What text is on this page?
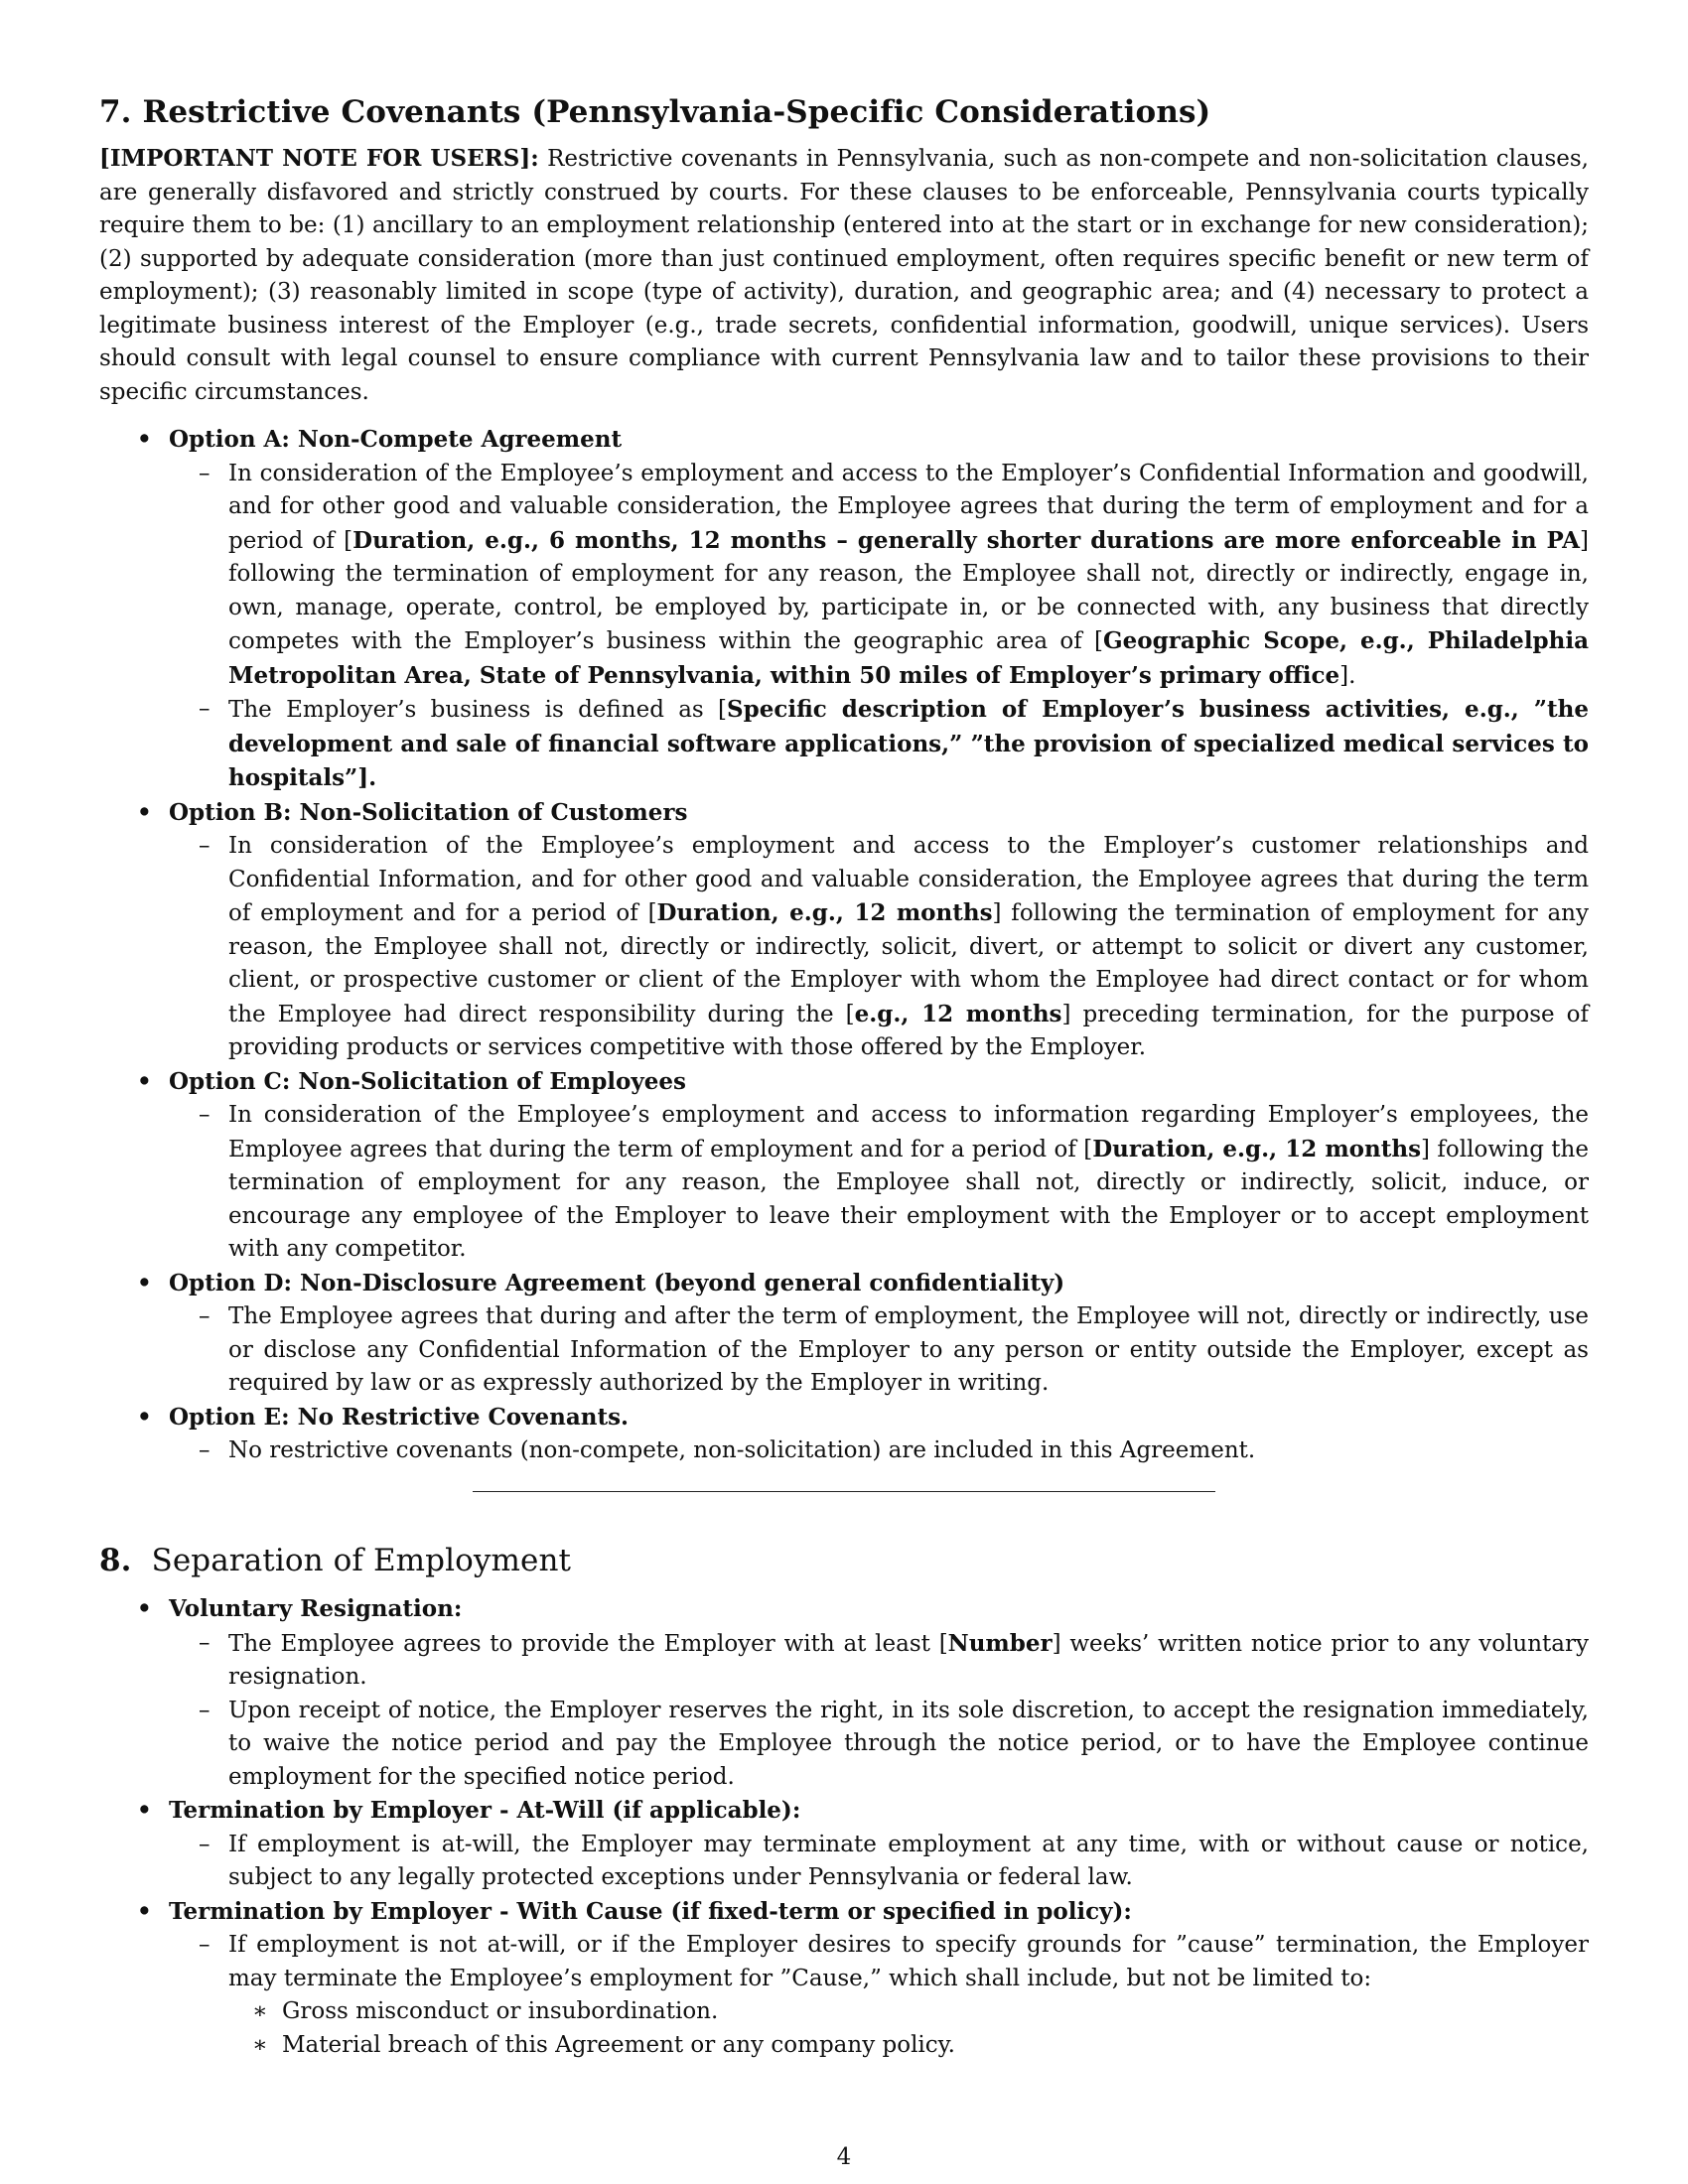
7. Restrictive Covenants (Pennsylvania-Specific Considerations)

[IMPORTANT NOTE FOR USERS]: Restrictive covenants in Pennsylvania, such as non-compete and non-solicitation clauses, are generally disfavored and strictly construed by courts. For these clauses to be enforceable, Pennsylvania courts typically require them to be: (1) ancillary to an employment relationship (entered into at the start or in exchange for new consideration); (2) supported by adequate consideration (more than just continued employment, often requires specific benefit or new term of employment); (3) reasonably limited in scope (type of activity), duration, and geographic area; and (4) necessary to protect a legitimate business interest of the Employer (e.g., trade secrets, confidential information, goodwill, unique services). Users should consult with legal counsel to ensure compliance with current Pennsylvania law and to tailor these provisions to their specific circumstances.

• Option A: Non-Compete Agreement
– In consideration of the Employee’s employment and access to the Employer’s Confidential Information and goodwill, and for other good and valuable consideration, the Employee agrees that during the term of employment and for a period of [Duration, e.g., 6 months, 12 months – generally shorter durations are more enforceable in PA] following the termination of employment for any reason, the Employee shall not, directly or indirectly, engage in, own, manage, operate, control, be employed by, participate in, or be connected with, any business that directly competes with the Employer’s business within the geographic area of [Geographic Scope, e.g., Philadelphia Metropolitan Area, State of Pennsylvania, within 50 miles of Employer’s primary office].
– The Employer’s business is defined as [Specific description of Employer’s business activities, e.g., ”the development and sale of financial software applications,” ”the provision of specialized medical services to hospitals”].
• Option B: Non-Solicitation of Customers
– In consideration of the Employee’s employment and access to the Employer’s customer relationships and Confidential Information, and for other good and valuable consideration, the Employee agrees that during the term of employment and for a period of [Duration, e.g., 12 months] following the termination of employment for any reason, the Employee shall not, directly or indirectly, solicit, divert, or attempt to solicit or divert any customer, client, or prospective customer or client of the Employer with whom the Employee had direct contact or for whom the Employee had direct responsibility during the [e.g., 12 months] preceding termination, for the purpose of providing products or services competitive with those offered by the Employer.
• Option C: Non-Solicitation of Employees
– In consideration of the Employee’s employment and access to information regarding Employer’s employees, the Employee agrees that during the term of employment and for a period of [Duration, e.g., 12 months] following the termination of employment for any reason, the Employee shall not, directly or indirectly, solicit, induce, or encourage any employee of the Employer to leave their employment with the Employer or to accept employment with any competitor.
• Option D: Non-Disclosure Agreement (beyond general confidentiality)
– The Employee agrees that during and after the term of employment, the Employee will not, directly or indirectly, use or disclose any Confidential Information of the Employer to any person or entity outside the Employer, except as required by law or as expressly authorized by the Employer in writing.
• Option E: No Restrictive Covenants.
– No restrictive covenants (non-compete, non-solicitation) are included in this Agreement.
8. Separation of Employment
• Voluntary Resignation:
– The Employee agrees to provide the Employer with at least [Number] weeks’ written notice prior to any voluntary resignation.
– Upon receipt of notice, the Employer reserves the right, in its sole discretion, to accept the resignation immediately, to waive the notice period and pay the Employee through the notice period, or to have the Employee continue employment for the specified notice period.
• Termination by Employer - At-Will (if applicable):
– If employment is at-will, the Employer may terminate employment at any time, with or without cause or notice, subject to any legally protected exceptions under Pennsylvania or federal law.
• Termination by Employer - With Cause (if fixed-term or specified in policy):
– If employment is not at-will, or if the Employer desires to specify grounds for ”cause” termination, the Employer may terminate the Employee’s employment for ”Cause,” which shall include, but not be limited to:
∗ Gross misconduct or insubordination.
∗ Material breach of this Agreement or any company policy.
4
